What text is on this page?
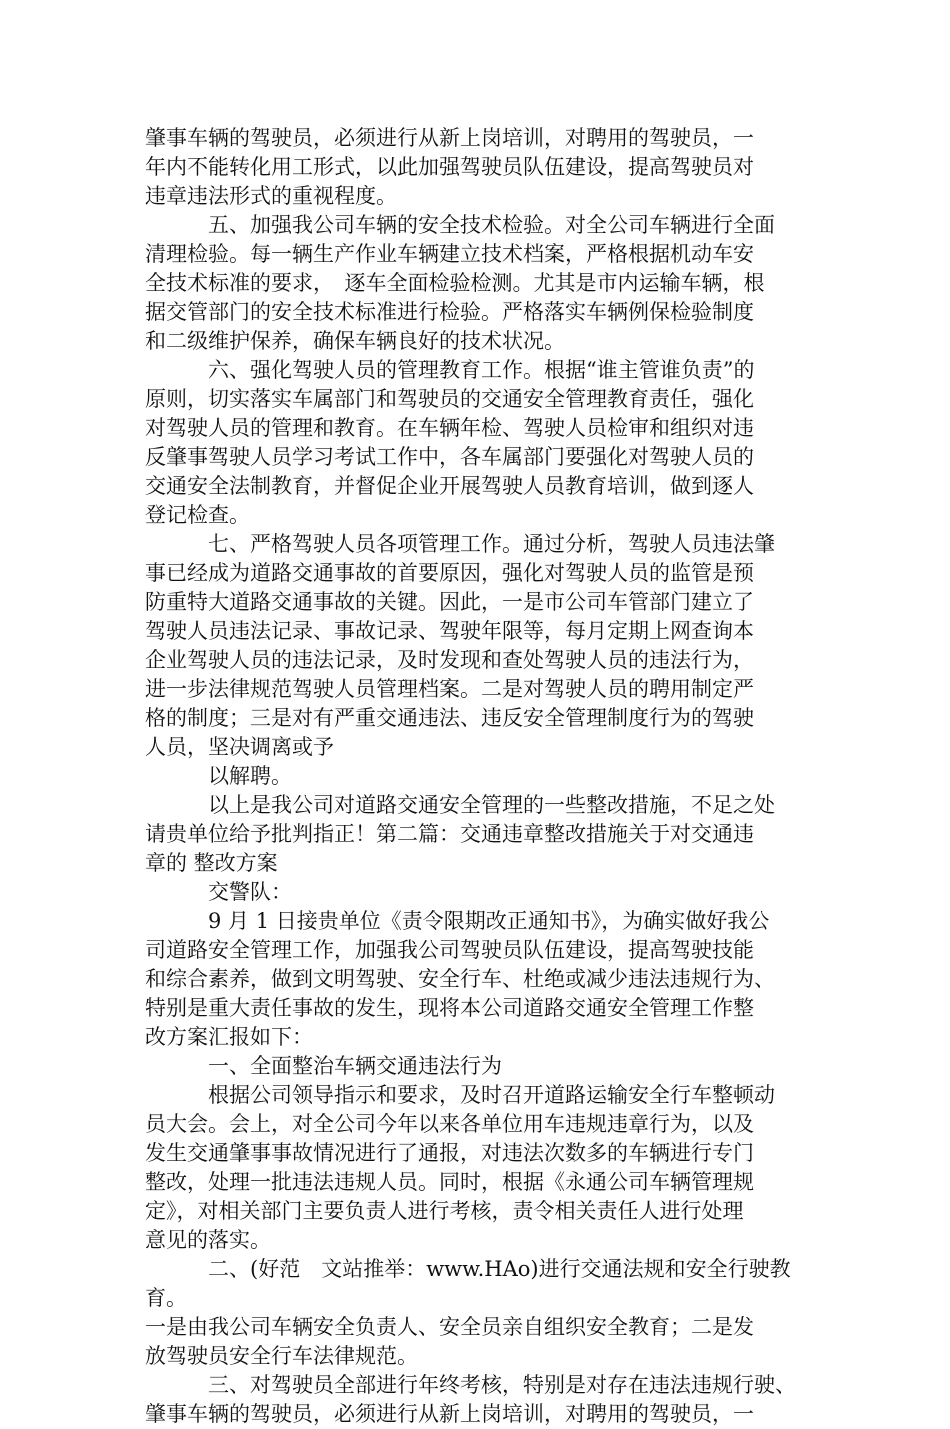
肇事车辆的驾驶员，必须进行从新上岗培训，对聘用的驾驶员，一
年内不能转化用工形式，以此加强驾驶员队伍建设，提高驾驶员对
违章违法形式的重视程度。

　　　五、加强我公司车辆的安全技术检验。对全公司车辆进行全面
清理检验。每一辆生产作业车辆建立技术档案，严格根据机动车安
全技术标准的要求，　逐车全面检验检测。尤其是市内运输车辆，根
据交管部门的安全技术标准进行检验。严格落实车辆例保检验制度
和二级维护保养，确保车辆良好的技术状况。

　　　六、强化驾驶人员的管理教育工作。根据“谁主管谁负责”的
原则，切实落实车属部门和驾驶员的交通安全管理教育责任，强化
对驾驶人员的管理和教育。在车辆年检、驾驶人员检审和组织对违
反肇事驾驶人员学习考试工作中，各车属部门要强化对驾驶人员的
交通安全法制教育，并督促企业开展驾驶人员教育培训，做到逐人
登记检查。

　　　七、严格驾驶人员各项管理工作。通过分析，驾驶人员违法肇
事已经成为道路交通事故的首要原因，强化对驾驶人员的监管是预
防重特大道路交通事故的关键。因此，一是市公司车管部门建立了
驾驶人员违法记录、事故记录、驾驶年限等，每月定期上网查询本
企业驾驶人员的违法记录，及时发现和查处驾驶人员的违法行为，
进一步法律规范驾驶人员管理档案。二是对驾驶人员的聘用制定严
格的制度；三是对有严重交通违法、违反安全管理制度行为的驾驶
人员，坚决调离或予

　　　以解聘。

　　　以上是我公司对道路交通安全管理的一些整改措施，不足之处
请贵单位给予批判指正！第二篇：交通违章整改措施关于对交通违
章的 整改方案

　　　交警队：

　　　9 月 1 日接贵单位《责令限期改正通知书》，为确实做好我公
司道路安全管理工作，加强我公司驾驶员队伍建设，提高驾驶技能
和综合素养，做到文明驾驶、安全行车、杜绝或减少违法违规行为、
特别是重大责任事故的发生，现将本公司道路交通安全管理工作整
改方案汇报如下：

　　　一、全面整治车辆交通违法行为

　　　根据公司领导指示和要求，及时召开道路运输安全行车整顿动
员大会。会上，对全公司今年以来各单位用车违规违章行为，以及
发生交通肇事事故情况进行了通报，对违法次数多的车辆进行专门
整改，处理一批违法违规人员。同时，根据《永通公司车辆管理规
定》，对相关部门主要负责人进行考核，责令相关责任人进行处理
意见的落实。

　　　二、(好范　文站推举：www.HAo)进行交通法规和安全行驶教育。
一是由我公司车辆安全负责人、安全员亲自组织安全教育；二是发
放驾驶员安全行车法律规范。

　　　三、对驾驶员全部进行年终考核，特别是对存在违法违规行驶、
肇事车辆的驾驶员，必须进行从新上岗培训，对聘用的驾驶员，一
